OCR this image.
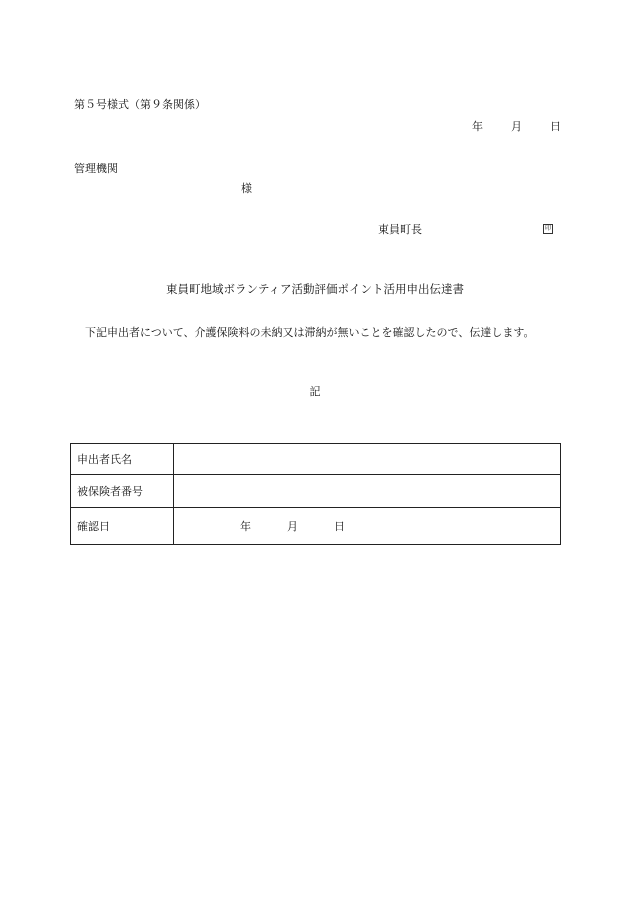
第５号様式（第９条関係）
年	月	日
管理機関
様
東員町長	印
東員町地域ボランティア活動評価ポイント活用申出伝達書
下記申出者について、介護保険料の未納又は滞納が無いことを確認したので、伝達します。
記
申出者氏名	
被保険者番号	
確認日	年 月 日
